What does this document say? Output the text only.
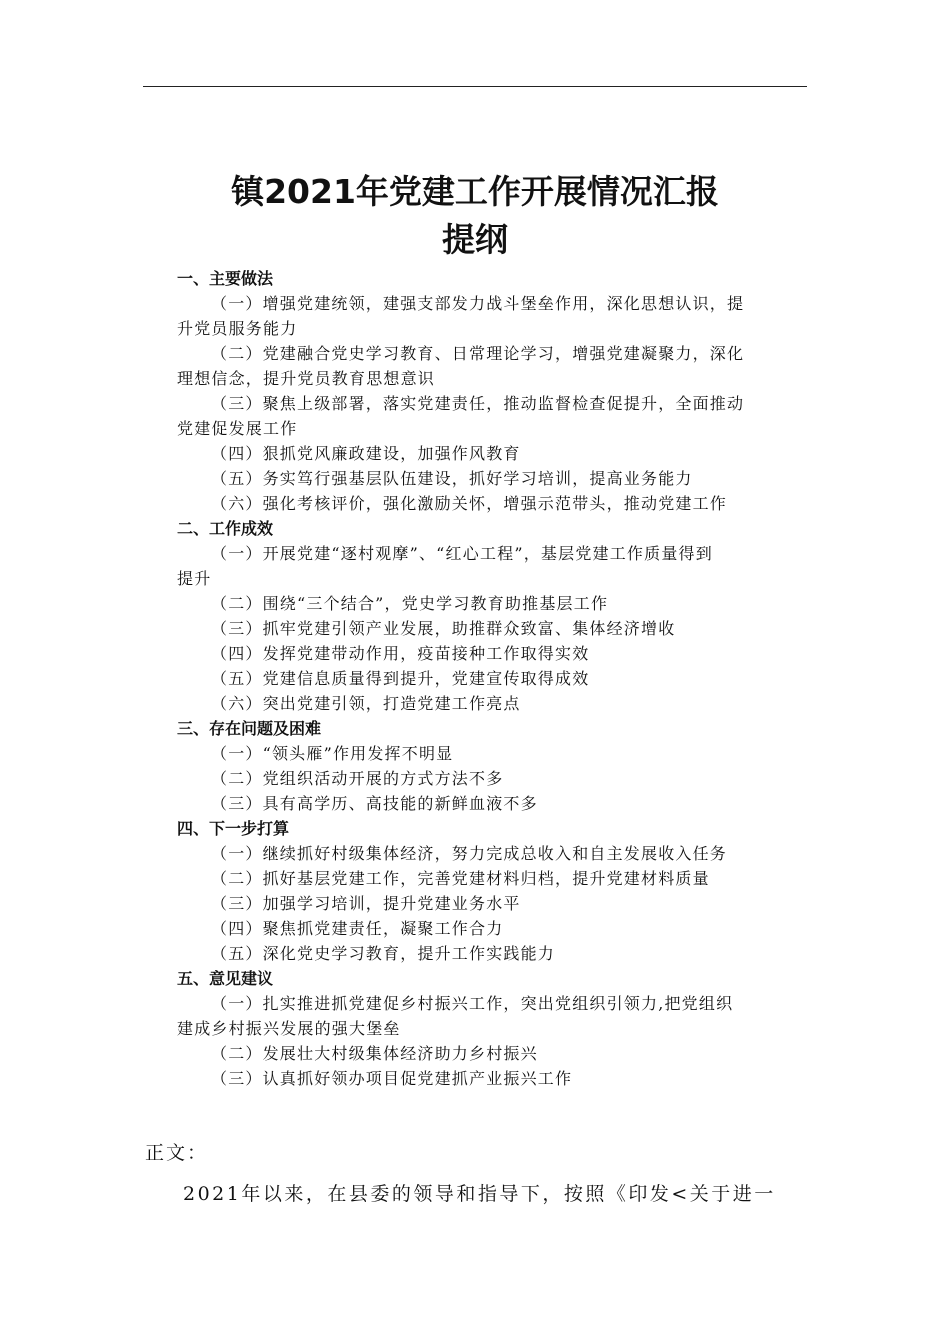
镇2021年党建工作开展情况汇报
提纲
一、主要做法
（一）增强党建统领，建强支部发力战斗堡垒作用，深化思想认识，提
升党员服务能力
（二）党建融合党史学习教育、日常理论学习，增强党建凝聚力，深化
理想信念，提升党员教育思想意识
（三）聚焦上级部署，落实党建责任，推动监督检查促提升，全面推动
党建促发展工作
（四）狠抓党风廉政建设，加强作风教育
（五）务实笃行强基层队伍建设，抓好学习培训，提高业务能力
（六）强化考核评价，强化激励关怀，增强示范带头，推动党建工作
二、工作成效
（一）开展党建“逐村观摩”、“红心工程”，基层党建工作质量得到
提升
（二）围绕“三个结合”，党史学习教育助推基层工作
（三）抓牢党建引领产业发展，助推群众致富、集体经济增收
（四）发挥党建带动作用，疫苗接种工作取得实效
（五）党建信息质量得到提升，党建宣传取得成效
（六）突出党建引领，打造党建工作亮点
三、存在问题及困难
（一）“领头雁”作用发挥不明显
（二）党组织活动开展的方式方法不多
（三）具有高学历、高技能的新鲜血液不多
四、下一步打算
（一）继续抓好村级集体经济，努力完成总收入和自主发展收入任务
（二）抓好基层党建工作，完善党建材料归档，提升党建材料质量
（三）加强学习培训，提升党建业务水平
（四）聚焦抓党建责任，凝聚工作合力
（五）深化党史学习教育，提升工作实践能力
五、意见建议
（一）扎实推进抓党建促乡村振兴工作，突出党组织引领力,把党组织
建成乡村振兴发展的强大堡垒
（二）发展壮大村级集体经济助力乡村振兴
（三）认真抓好领办项目促党建抓产业振兴工作
正文：
2021年以来，在县委的领导和指导下，按照《印发<关于进一
